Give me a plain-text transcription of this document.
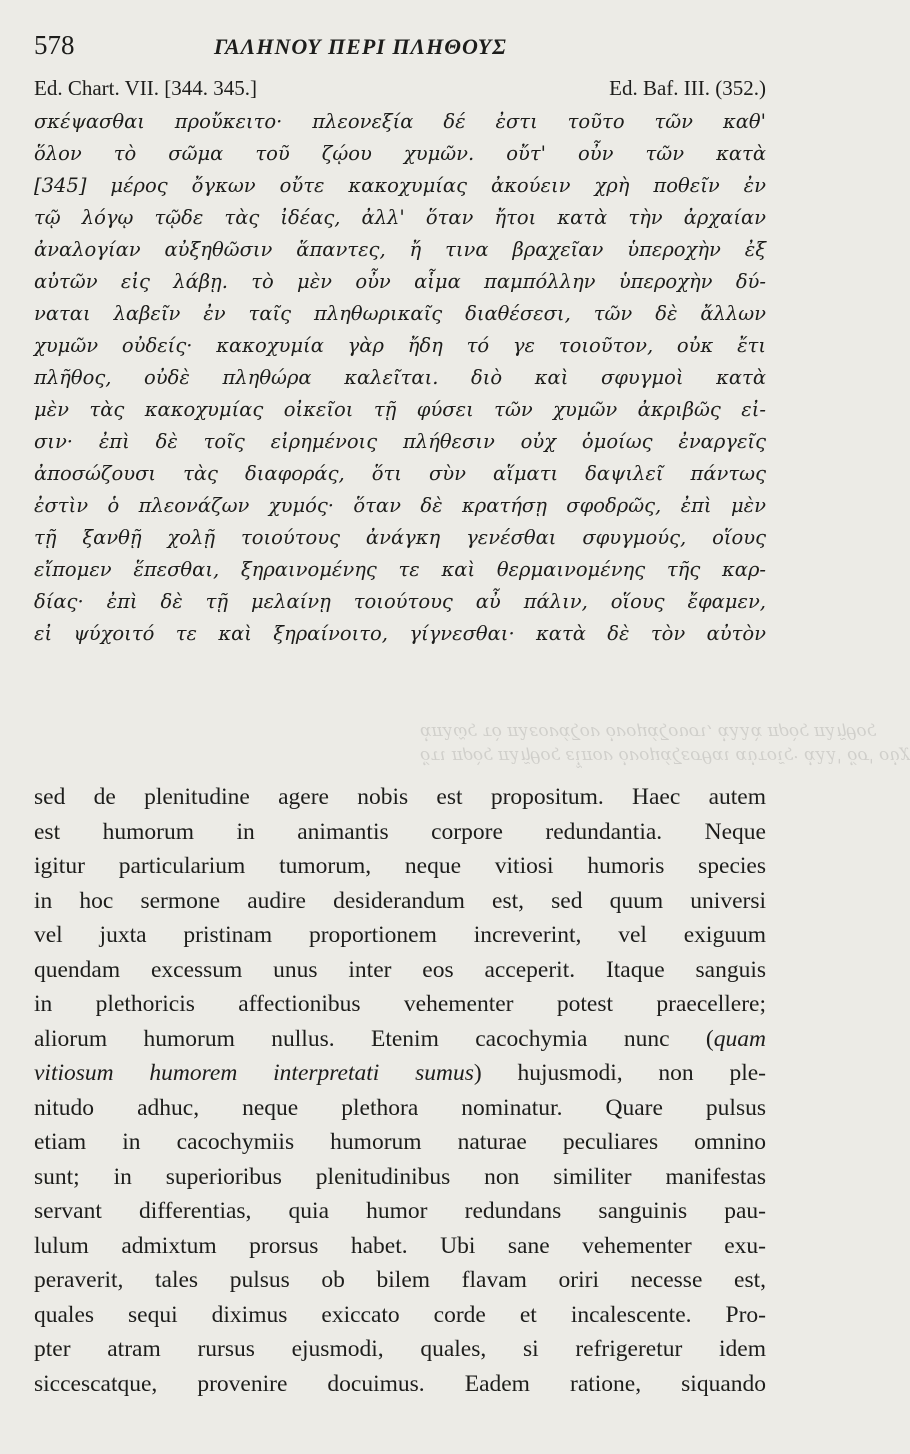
578	ΓΑΛΗΝΟΥ ΠΕΡΙ ΠΛΗΘΟΥΣ
Ed. Chart. VII. [344. 345.]	Ed. Baf. III. (352.)
σκέψασθαι προὔκειτο· πλεονεξία δέ ἐστι τοῦτο τῶν καθ'
ὅλον τὸ σῶμα τοῦ ζῴου χυμῶν. οὔτ' οὖν τῶν κατὰ
[345] μέρος ὄγκων οὔτε κακοχυμίας ἀκούειν χρὴ ποθεῖν ἐν
τῷ λόγῳ τῷδε τὰς ἰδέας, ἀλλ' ὅταν ἤτοι κατὰ τὴν ἀρχαίαν
ἀναλογίαν αὐξηθῶσιν ἅπαντες, ἤ τινα βραχεῖαν ὑπεροχὴν ἐξ
αὐτῶν εἰς λάβῃ. τὸ μὲν οὖν αἷμα παμπόλλην ὑπεροχὴν δύ-
ναται λαβεῖν ἐν ταῖς πληθωρικαῖς διαθέσεσι, τῶν δὲ ἄλλων
χυμῶν οὐδείς· κακοχυμία γὰρ ἤδη τό γε τοιοῦτον, οὐκ ἔτι
πλῆθος, οὐδὲ πληθώρα καλεῖται. διὸ καὶ σφυγμοὶ κατὰ
μὲν τὰς κακοχυμίας οἰκεῖοι τῇ φύσει τῶν χυμῶν ἀκριβῶς εἰ-
σιν· ἐπὶ δὲ τοῖς εἰρημένοις πλήθεσιν οὐχ ὁμοίως ἐναργεῖς
ἀποσώζουσι τὰς διαφοράς, ὅτι σὺν αἵματι δαψιλεῖ πάντως
ἐστὶν ὁ πλεονάζων χυμός· ὅταν δὲ κρατήσῃ σφοδρῶς, ἐπὶ μὲν
τῇ ξανθῇ χολῇ τοιούτους ἀνάγκη γενέσθαι σφυγμούς, οἵους
εἴπομεν ἕπεσθαι, ξηραινομένης τε καὶ θερμαινομένης τῆς καρ-
δίας· ἐπὶ δὲ τῇ μελαίνῃ τοιούτους αὖ πάλιν, οἵους ἔφαμεν,
εἰ ψύχοιτό τε καὶ ξηραίνοιτο, γίγνεσθαι· κατὰ δὲ τὸν αὐτὸν
ὅτι πρὸς πλῆθος εἶπον ὀνομάζεσθαι αὐτοῖς· ἀλλ' ὅσ' οὐχ
ἁπλῶς τὸ πλεονάζον ὀνομάζουσι, ἀλλὰ πρὸς πλῆθος
sed de plenitudine agere nobis est propositum. Haec autem
est humorum in animantis corpore redundantia. Neque
igitur particularium tumorum, neque vitiosi humoris species
in hoc sermone audire desiderandum est, sed quum universi
vel juxta pristinam proportionem increverint, vel exiguum
quendam excessum unus inter eos acceperit. Itaque sanguis
in plethoricis affectionibus vehementer potest praecellere;
aliorum humorum nullus. Etenim cacochymia nunc (quam
vitiosum humorem interpretati sumus) hujusmodi, non ple-
nitudo adhuc, neque plethora nominatur. Quare pulsus
etiam in cacochymiis humorum naturae peculiares omnino
sunt; in superioribus plenitudinibus non similiter manifestas
servant differentias, quia humor redundans sanguinis pau-
lulum admixtum prorsus habet. Ubi sane vehementer exu-
peraverit, tales pulsus ob bilem flavam oriri necesse est,
quales sequi diximus exiccato corde et incalescente. Pro-
pter atram rursus ejusmodi, quales, si refrigeretur idem
siccescatque, provenire docuimus. Eadem ratione, siquando
